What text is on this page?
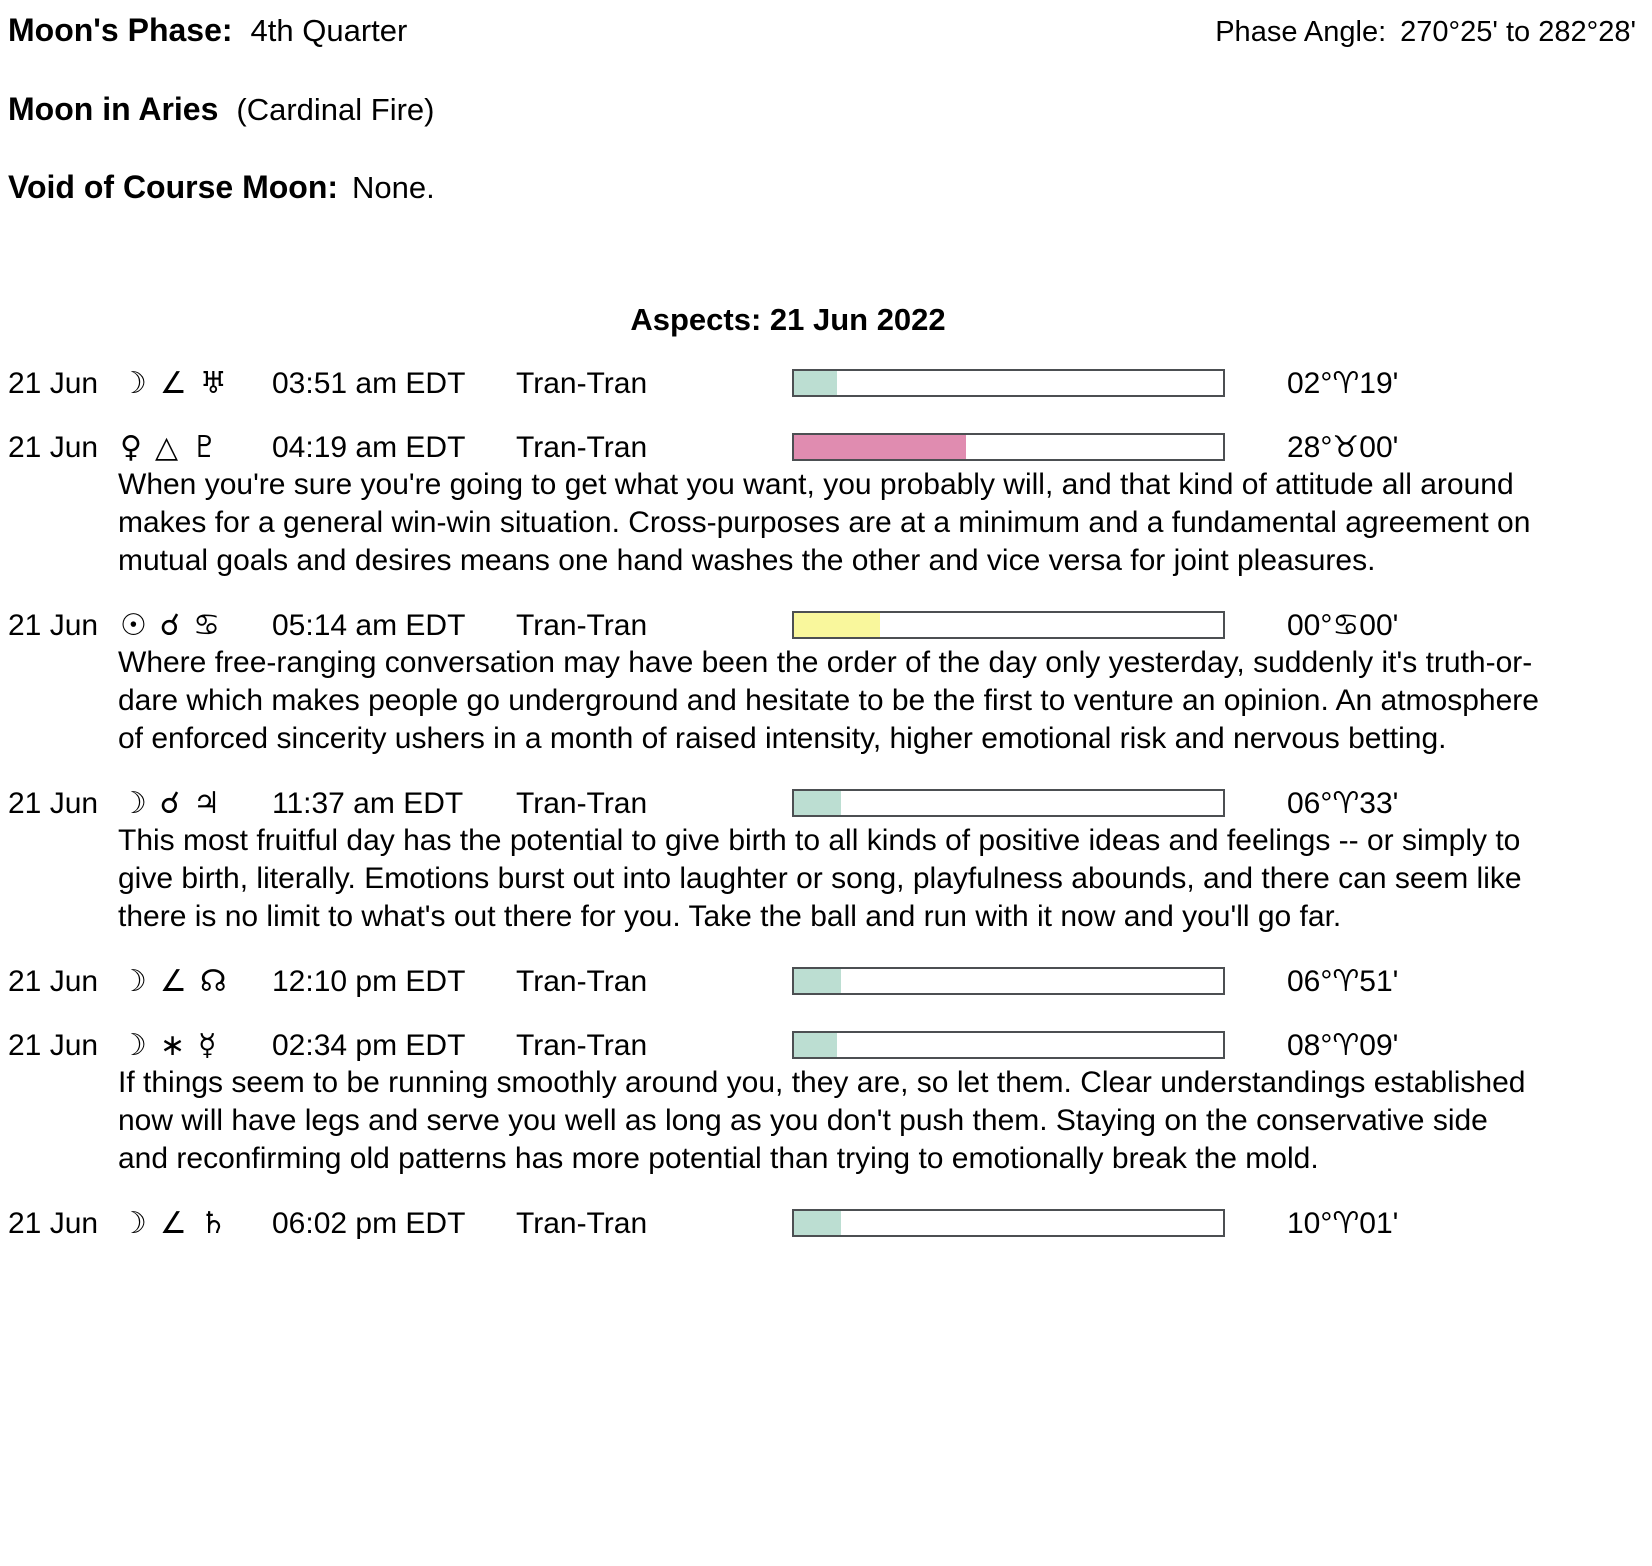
Moon's Phase: 4th Quarter	Phase Angle: 270°25' to 282°28'
Moon in Aries (Cardinal Fire)
Void of Course Moon: None.
Aspects: 21 Jun 2022
21 Jun ☽ ∠ ♅ 03:51 am EDT	Tran-Tran	02°♈19'
21 Jun ♀ △ ♇ 04:19 am EDT	Tran-Tran	28°♉00'
When you're sure you're going to get what you want, you probably will, and that kind of attitude all around makes for a general win-win situation. Cross-purposes are at a minimum and a fundamental agreement on mutual goals and desires means one hand washes the other and vice versa for joint pleasures.
21 Jun ☉ ☌ ♋ 05:14 am EDT	Tran-Tran	00°♋00'
Where free-ranging conversation may have been the order of the day only yesterday, suddenly it's truth-or-dare which makes people go underground and hesitate to be the first to venture an opinion. An atmosphere of enforced sincerity ushers in a month of raised intensity, higher emotional risk and nervous betting.
21 Jun ☽ ☌ ♃ 11:37 am EDT	Tran-Tran	06°♈33'
This most fruitful day has the potential to give birth to all kinds of positive ideas and feelings -- or simply to give birth, literally. Emotions burst out into laughter or song, playfulness abounds, and there can seem like there is no limit to what's out there for you. Take the ball and run with it now and you'll go far.
21 Jun ☽ ∠ ☊ 12:10 pm EDT	Tran-Tran	06°♈51'
21 Jun ☽ ∗ ☿ 02:34 pm EDT	Tran-Tran	08°♈09'
If things seem to be running smoothly around you, they are, so let them. Clear understandings established now will have legs and serve you well as long as you don't push them. Staying on the conservative side and reconfirming old patterns has more potential than trying to emotionally break the mold.
21 Jun ☽ ∠ ♄ 06:02 pm EDT	Tran-Tran	10°♈01'
